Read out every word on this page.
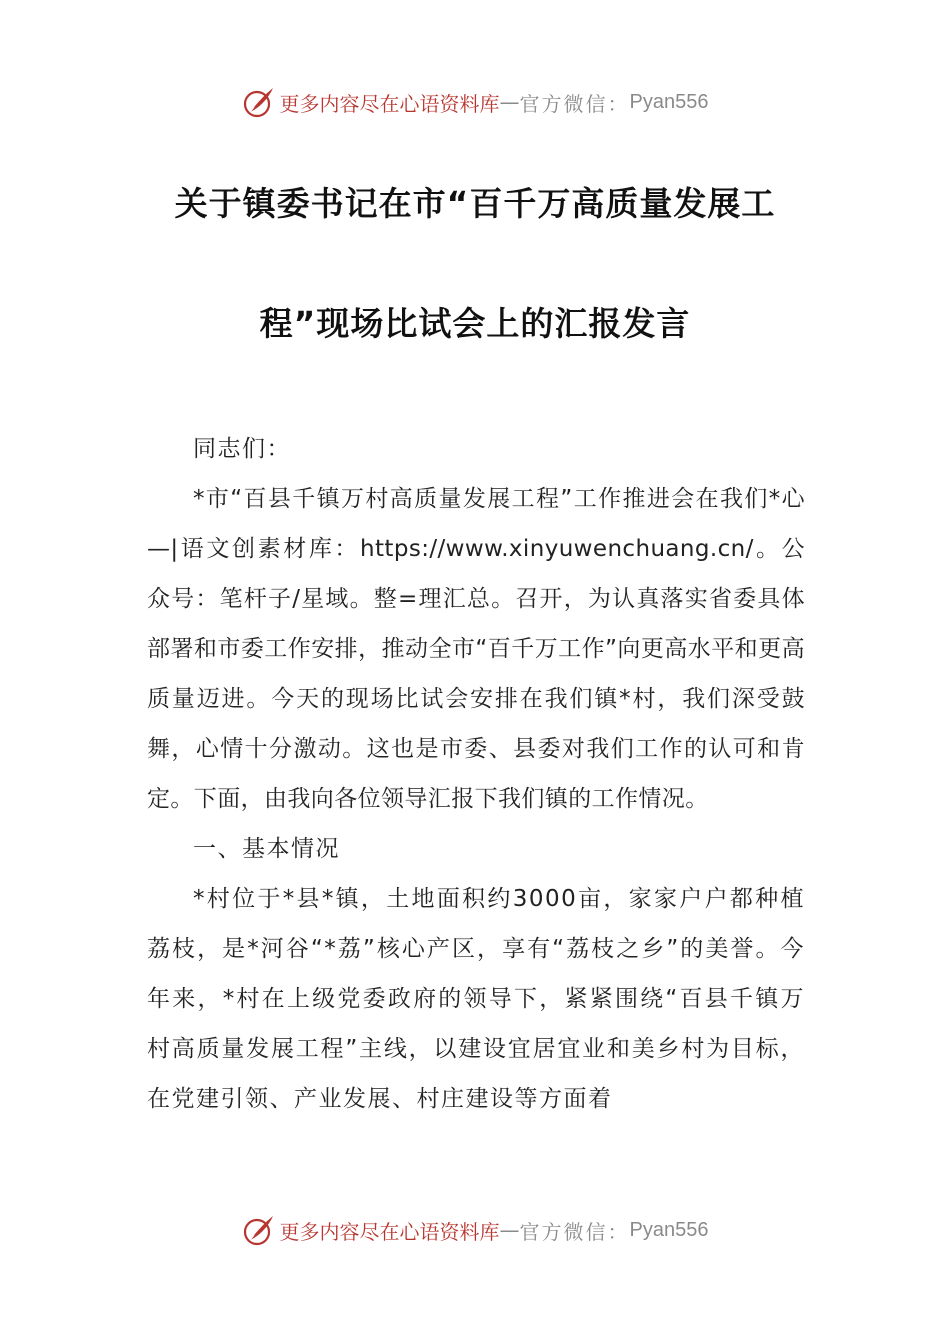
更多内容尽在心语资料库 — 官方微信： Pyan556
关于镇委书记在市“百千万高质量发展工
程”现场比试会上的汇报发言

同志们：

*市“百县千镇万村高质量发展工程”工作推进会在我们*心—|语文创素材库：https://www.xinyuwenchuang.cn/。公众号：笔杆子/星域。整=理汇总。召开，为认真落实省委具体部署和市委工作安排，推动全市“百千万工作”向更高水平和更高质量迈进。今天的现场比试会安排在我们镇*村，我们深受鼓舞，心情十分激动。这也是市委、县委对我们工作的认可和肯定。下面，由我向各位领导汇报下我们镇的工作情况。

一、基本情况

*村位于*县*镇，土地面积约3000亩，家家户户都种植荔枝，是*河谷“*荔”核心产区，享有“荔枝之乡”的美誉。今年来，*村在上级党委政府的领导下，紧紧围绕“百县千镇万村高质量发展工程”主线，以建设宜居宜业和美乡村为目标，在党建引领、产业发展、村庄建设等方面着

更多内容尽在心语资料库 — 官方微信： Pyan556
